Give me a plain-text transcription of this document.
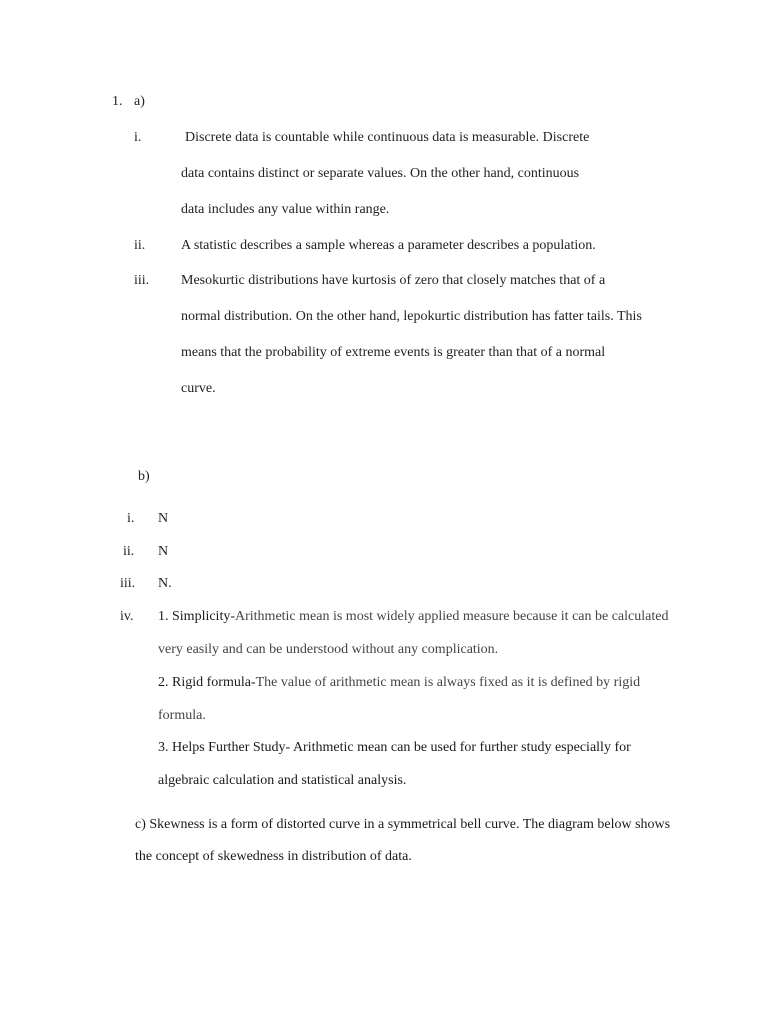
1. a)
i.	Discrete data is countable while continuous data is measurable. Discrete
data contains distinct or separate values. On the other hand, continuous
data includes any value within range.
ii.	A statistic describes a sample whereas a parameter describes a population.
iii. Mesokurtic distributions have kurtosis of zero that closely matches that of a
normal distribution. On the other hand, lepokurtic distribution has fatter tails. This
means that the probability of extreme events is greater than that of a normal
curve.
b)
i. N
ii. N
iii. N.
iv. 1. Simplicity-Arithmetic mean is most widely applied measure because it can be calculated
very easily and can be understood without any complication.
2. Rigid formula-The value of arithmetic mean is always fixed as it is defined by rigid
formula.
3. Helps Further Study- Arithmetic mean can be used for further study especially for
algebraic calculation and statistical analysis.
c) Skewness is a form of distorted curve in a symmetrical bell curve. The diagram below shows
the concept of skewedness in distribution of data.
